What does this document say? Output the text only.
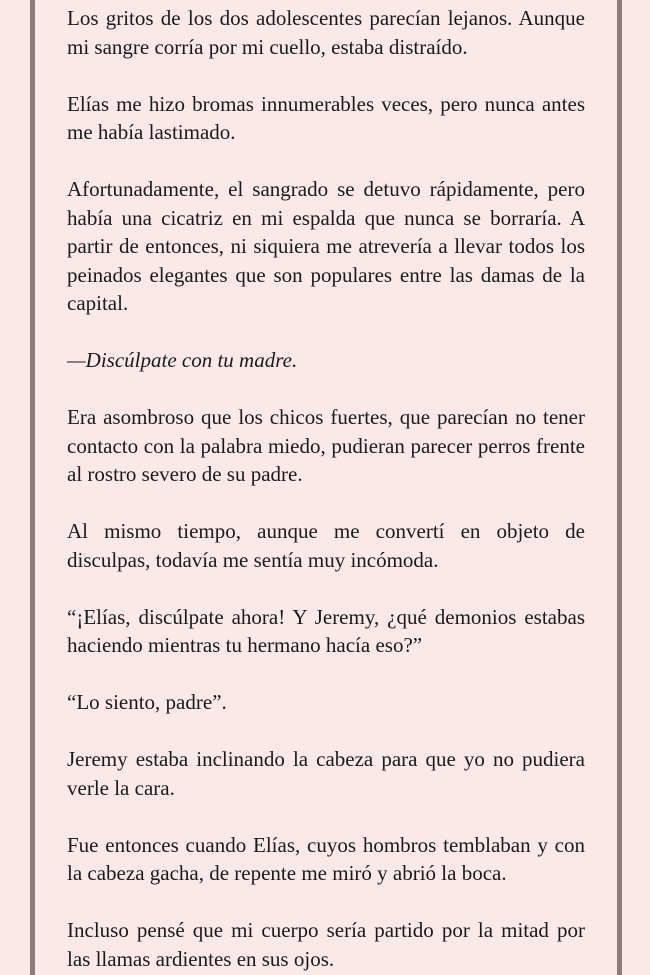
Los gritos de los dos adolescentes parecían lejanos. Aunque mi sangre corría por mi cuello, estaba distraído.

Elías me hizo bromas innumerables veces, pero nunca antes me había lastimado.

Afortunadamente, el sangrado se detuvo rápidamente, pero había una cicatriz en mi espalda que nunca se borraría. A partir de entonces, ni siquiera me atrevería a llevar todos los peinados elegantes que son populares entre las damas de la capital.

—Discúlpate con tu madre.

Era asombroso que los chicos fuertes, que parecían no tener contacto con la palabra miedo, pudieran parecer perros frente al rostro severo de su padre.

Al mismo tiempo, aunque me convertí en objeto de disculpas, todavía me sentía muy incómoda.

“¡Elías, discúlpate ahora! Y Jeremy, ¿qué demonios estabas haciendo mientras tu hermano hacía eso?”

“Lo siento, padre”.

Jeremy estaba inclinando la cabeza para que yo no pudiera verle la cara.

Fue entonces cuando Elías, cuyos hombros temblaban y con la cabeza gacha, de repente me miró y abrió la boca.

Incluso pensé que mi cuerpo sería partido por la mitad por las llamas ardientes en sus ojos.
